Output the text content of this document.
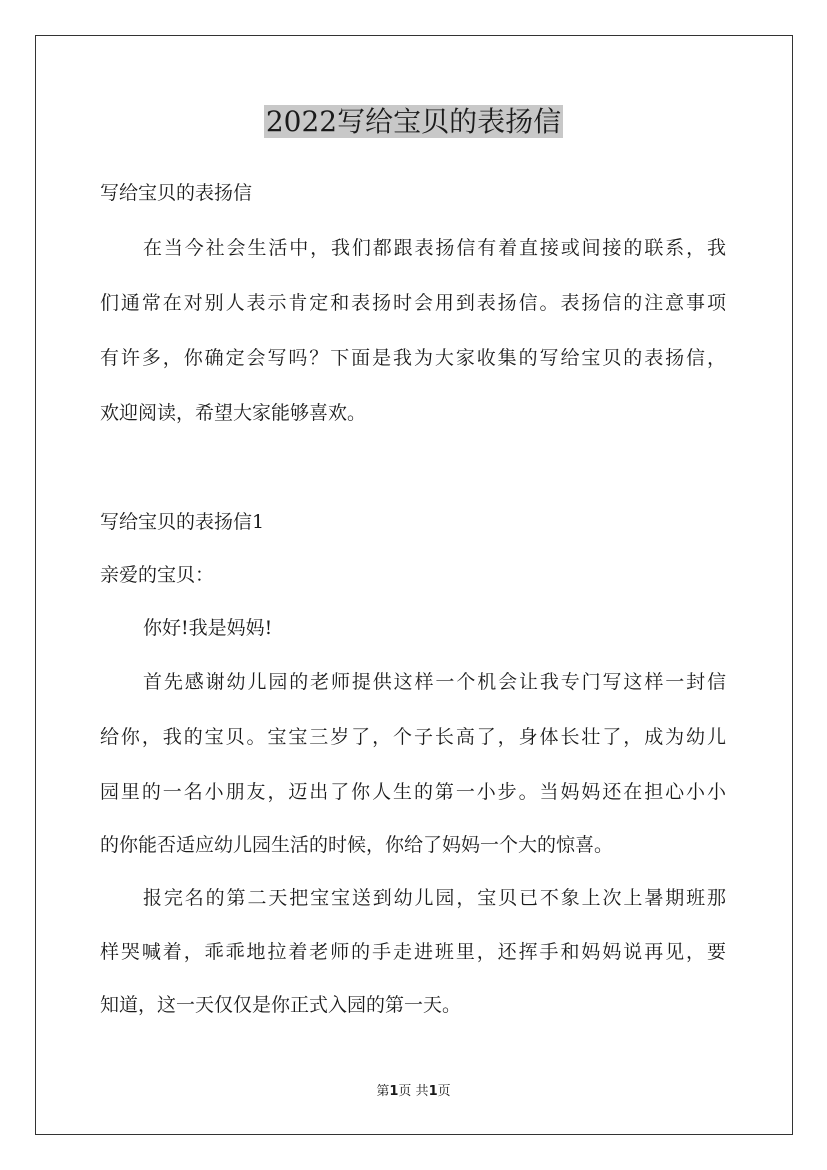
2022写给宝贝的表扬信
写给宝贝的表扬信
在当今社会生活中，我们都跟表扬信有着直接或间接的联系，我
们通常在对别人表示肯定和表扬时会用到表扬信。表扬信的注意事项
有许多，你确定会写吗？下面是我为大家收集的写给宝贝的表扬信，
欢迎阅读，希望大家能够喜欢。
写给宝贝的表扬信1
亲爱的宝贝：
你好!我是妈妈!
首先感谢幼儿园的老师提供这样一个机会让我专门写这样一封信
给你，我的宝贝。宝宝三岁了，个子长高了，身体长壮了，成为幼儿
园里的一名小朋友，迈出了你人生的第一小步。当妈妈还在担心小小
的你能否适应幼儿园生活的时候，你给了妈妈一个大的惊喜。
报完名的第二天把宝宝送到幼儿园，宝贝已不象上次上暑期班那
样哭喊着，乖乖地拉着老师的手走进班里，还挥手和妈妈说再见，要
知道，这一天仅仅是你正式入园的第一天。
第1页 共1页
